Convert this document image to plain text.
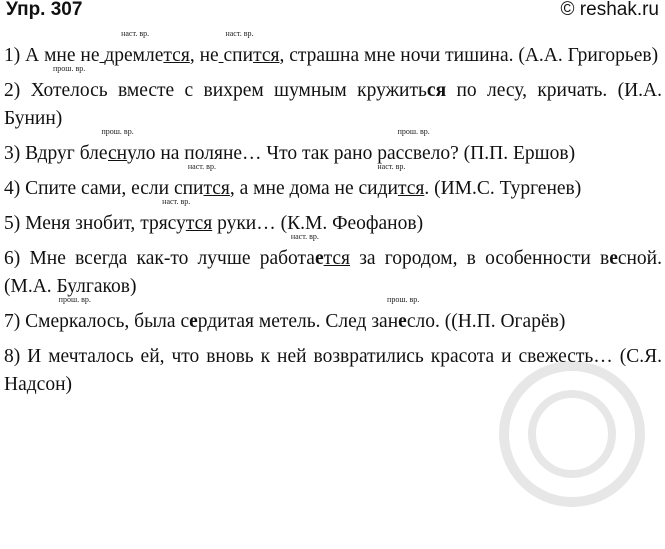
Упр. 307	© reshak.ru
1) А мне
наст. вр.
не дремлется,
наст. вр.
не спится, страшна мне ночи тишина. (А.А. Григорьев)
2)
прош. вр.
Хотелось вместе с вихрем шумным кружиться по лесу, кричать. (И.А. Бунин)
3) Вдруг
прош. вр.
блеснуло на поляне… Что так рано
прош. вр.
рассвело? (П.П. Ершов)
4) Спите сами, если
наст. вр.
спится, а мне дома не
наст. вр.
сидится. (ИМ.С. Тургенев)
5) Меня знобит,
наст. вр.
трясутся руки… (К.М. Феофанов)
6) Мне всегда как-то лучше
наст. вр.
работается за городом, в особенности весной. (М.А. Булгаков)
7)
прош. вр.
Смеркалось, была сердитая метель. След
прош. вр.
занесло. ((Н.П. Огарёв)
8) И мечталось ей, что вновь к ней возвратились красота и свежесть… (С.Я. Надсон)
